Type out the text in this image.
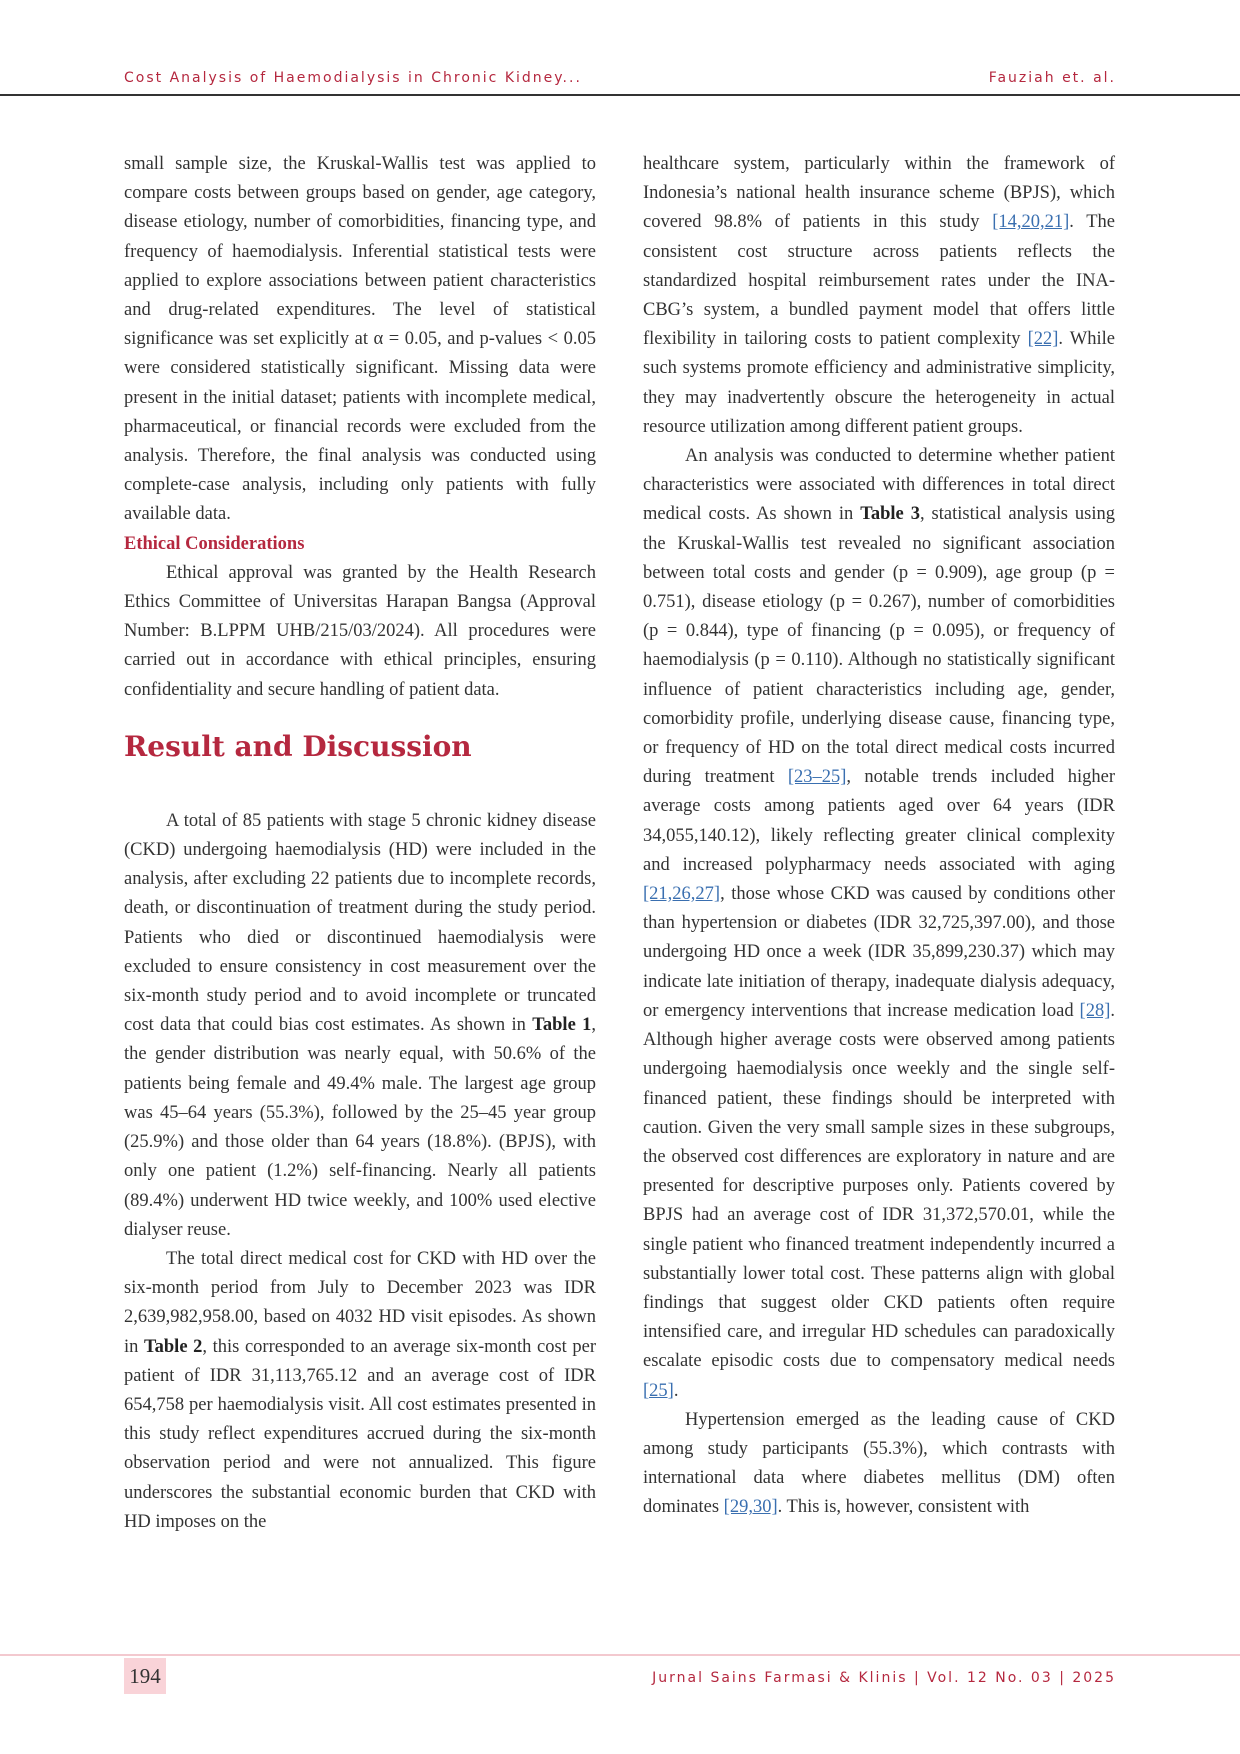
Cost Analysis of Haemodialysis in Chronic Kidney...	Fauziah et. al.

small sample size, the Kruskal-Wallis test was applied to compare costs between groups based on gender, age category, disease etiology, number of comorbidities, financing type, and frequency of haemodialysis. Inferential statistical tests were applied to explore associations between patient characteristics and drug-related expenditures. The level of statistical significance was set explicitly at α = 0.05, and p-values < 0.05 were considered statistically significant. Missing data were present in the initial dataset; patients with incomplete medical, pharmaceutical, or financial records were excluded from the analysis. Therefore, the final analysis was conducted using complete-case analysis, including only patients with fully available data.

Ethical Considerations

Ethical approval was granted by the Health Research Ethics Committee of Universitas Harapan Bangsa (Approval Number: B.LPPM UHB/215/03/2024). All procedures were carried out in accordance with ethical principles, ensuring confidentiality and secure handling of patient data.

Result and Discussion

A total of 85 patients with stage 5 chronic kidney disease (CKD) undergoing haemodialysis (HD) were included in the analysis, after excluding 22 patients due to incomplete records, death, or discontinuation of treatment during the study period. Patients who died or discontinued haemodialysis were excluded to ensure consistency in cost measurement over the six-month study period and to avoid incomplete or truncated cost data that could bias cost estimates. As shown in Table 1, the gender distribution was nearly equal, with 50.6% of the patients being female and 49.4% male. The largest age group was 45–64 years (55.3%), followed by the 25–45 year group (25.9%) and those older than 64 years (18.8%). (BPJS), with only one patient (1.2%) self-financing. Nearly all patients (89.4%) underwent HD twice weekly, and 100% used elective dialyser reuse.

The total direct medical cost for CKD with HD over the six-month period from July to December 2023 was IDR 2,639,982,958.00, based on 4032 HD visit episodes. As shown in Table 2, this corresponded to an average six-month cost per patient of IDR 31,113,765.12 and an average cost of IDR 654,758 per haemodialysis visit. All cost estimates presented in this study reflect expenditures accrued during the six-month observation period and were not annualized. This figure underscores the substantial economic burden that CKD with HD imposes on the

healthcare system, particularly within the framework of Indonesia’s national health insurance scheme (BPJS), which covered 98.8% of patients in this study [14,20,21]. The consistent cost structure across patients reflects the standardized hospital reimbursement rates under the INA-CBG’s system, a bundled payment model that offers little flexibility in tailoring costs to patient complexity [22]. While such systems promote efficiency and administrative simplicity, they may inadvertently obscure the heterogeneity in actual resource utilization among different patient groups.

An analysis was conducted to determine whether patient characteristics were associated with differences in total direct medical costs. As shown in Table 3, statistical analysis using the Kruskal-Wallis test revealed no significant association between total costs and gender (p = 0.909), age group (p = 0.751), disease etiology (p = 0.267), number of comorbidities (p = 0.844), type of financing (p = 0.095), or frequency of haemodialysis (p = 0.110). Although no statistically significant influence of patient characteristics including age, gender, comorbidity profile, underlying disease cause, financing type, or frequency of HD on the total direct medical costs incurred during treatment [23–25], notable trends included higher average costs among patients aged over 64 years (IDR 34,055,140.12), likely reflecting greater clinical complexity and increased polypharmacy needs associated with aging [21,26,27], those whose CKD was caused by conditions other than hypertension or diabetes (IDR 32,725,397.00), and those undergoing HD once a week (IDR 35,899,230.37) which may indicate late initiation of therapy, inadequate dialysis adequacy, or emergency interventions that increase medication load [28]. Although higher average costs were observed among patients undergoing haemodialysis once weekly and the single self-financed patient, these findings should be interpreted with caution. Given the very small sample sizes in these subgroups, the observed cost differences are exploratory in nature and are presented for descriptive purposes only. Patients covered by BPJS had an average cost of IDR 31,372,570.01, while the single patient who financed treatment independently incurred a substantially lower total cost. These patterns align with global findings that suggest older CKD patients often require intensified care, and irregular HD schedules can paradoxically escalate episodic costs due to compensatory medical needs [25].

Hypertension emerged as the leading cause of CKD among study participants (55.3%), which contrasts with international data where diabetes mellitus (DM) often dominates [29,30]. This is, however, consistent with

194	Jurnal Sains Farmasi & Klinis | Vol. 12 No. 03 | 2025
